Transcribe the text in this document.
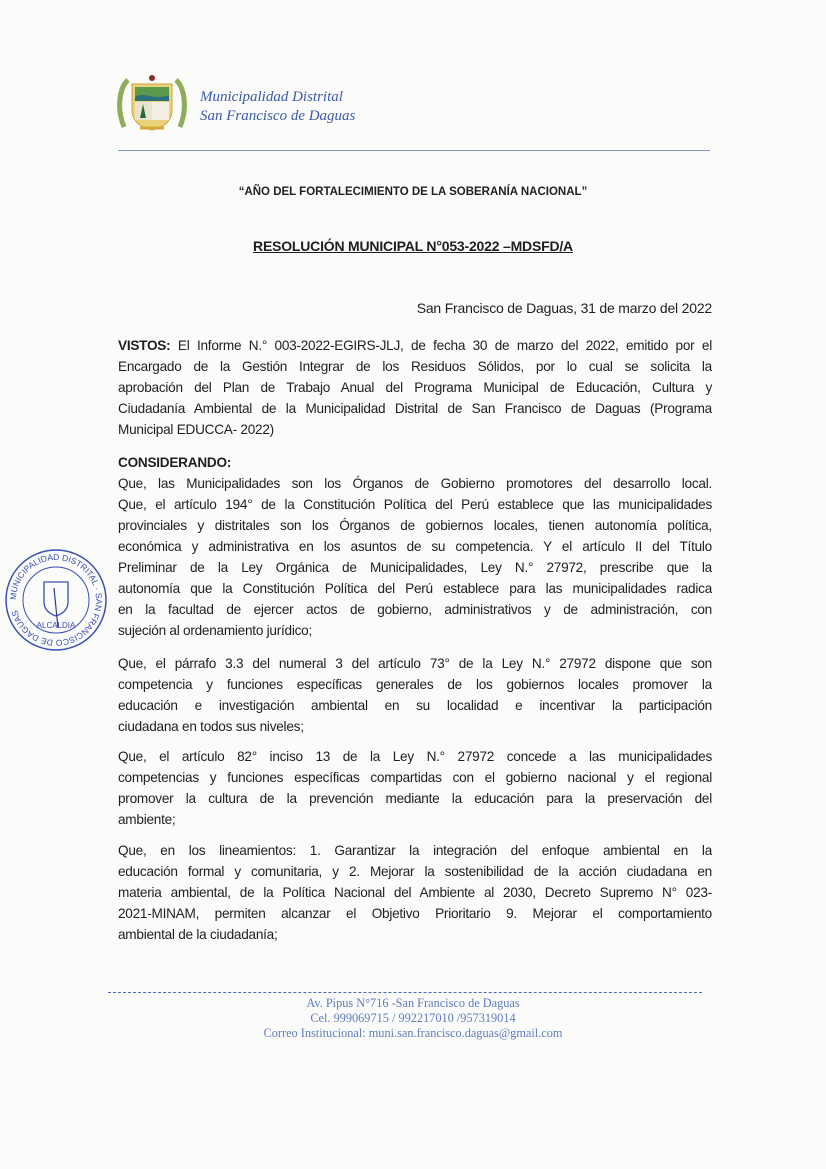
Municipalidad Distrital
San Francisco de Daguas
“AÑO DEL FORTALECIMIENTO DE LA SOBERANÍA NACIONAL”
RESOLUCIÓN MUNICIPAL N°053-2022 –MDSFD/A
San Francisco de Daguas, 31 de marzo del 2022
VISTOS: El Informe N.° 003-2022-EGIRS-JLJ, de fecha 30 de marzo del 2022, emitido por el
Encargado de la Gestión Integrar de los Residuos Sólidos, por lo cual se solicita la
aprobación del Plan de Trabajo Anual del Programa Municipal de Educación, Cultura y
Ciudadanía Ambiental de la Municipalidad Distrital de San Francisco de Daguas (Programa
Municipal EDUCCA- 2022)
CONSIDERANDO:
Que, las Municipalidades son los Órganos de Gobierno promotores del desarrollo local.
Que, el artículo 194° de la Constitución Política del Perú establece que las municipalidades
provinciales y distritales son los Órganos de gobiernos locales, tienen autonomía política,
económica y administrativa en los asuntos de su competencia. Y el artículo II del Título
Preliminar de la Ley Orgánica de Municipalidades, Ley N.° 27972, prescribe que la
autonomía que la Constitución Política del Perú establece para las municipalidades radica
en la facultad de ejercer actos de gobierno, administrativos y de administración, con
sujeción al ordenamiento jurídico;
Que, el párrafo 3.3 del numeral 3 del artículo 73° de la Ley N.° 27972 dispone que son
competencia y funciones específicas generales de los gobiernos locales promover la
educación e investigación ambiental en su localidad e incentivar la participación
ciudadana en todos sus niveles;
Que, el artículo 82° inciso 13 de la Ley N.° 27972 concede a las municipalidades
competencias y funciones específicas compartidas con el gobierno nacional y el regional
promover la cultura de la prevención mediante la educación para la preservación del
ambiente;
Que, en los lineamientos: 1. Garantizar la integración del enfoque ambiental en la
educación formal y comunitaria, y 2. Mejorar la sostenibilidad de la acción ciudadana en
materia ambiental, de la Política Nacional del Ambiente al 2030, Decreto Supremo N° 023-
2021-MINAM, permiten alcanzar el Objetivo Prioritario 9. Mejorar el comportamiento
ambiental de la ciudadanía;
MUNICIPALIDAD DISTRITAL · SAN FRANCISCO DE DAGUAS
ALCALDIA
Av. Pipus N°716 -San Francisco de Daguas
Cel. 999069715 / 992217010 /957319014
Correo Institucional: muni.san.francisco.daguas@gmail.com
